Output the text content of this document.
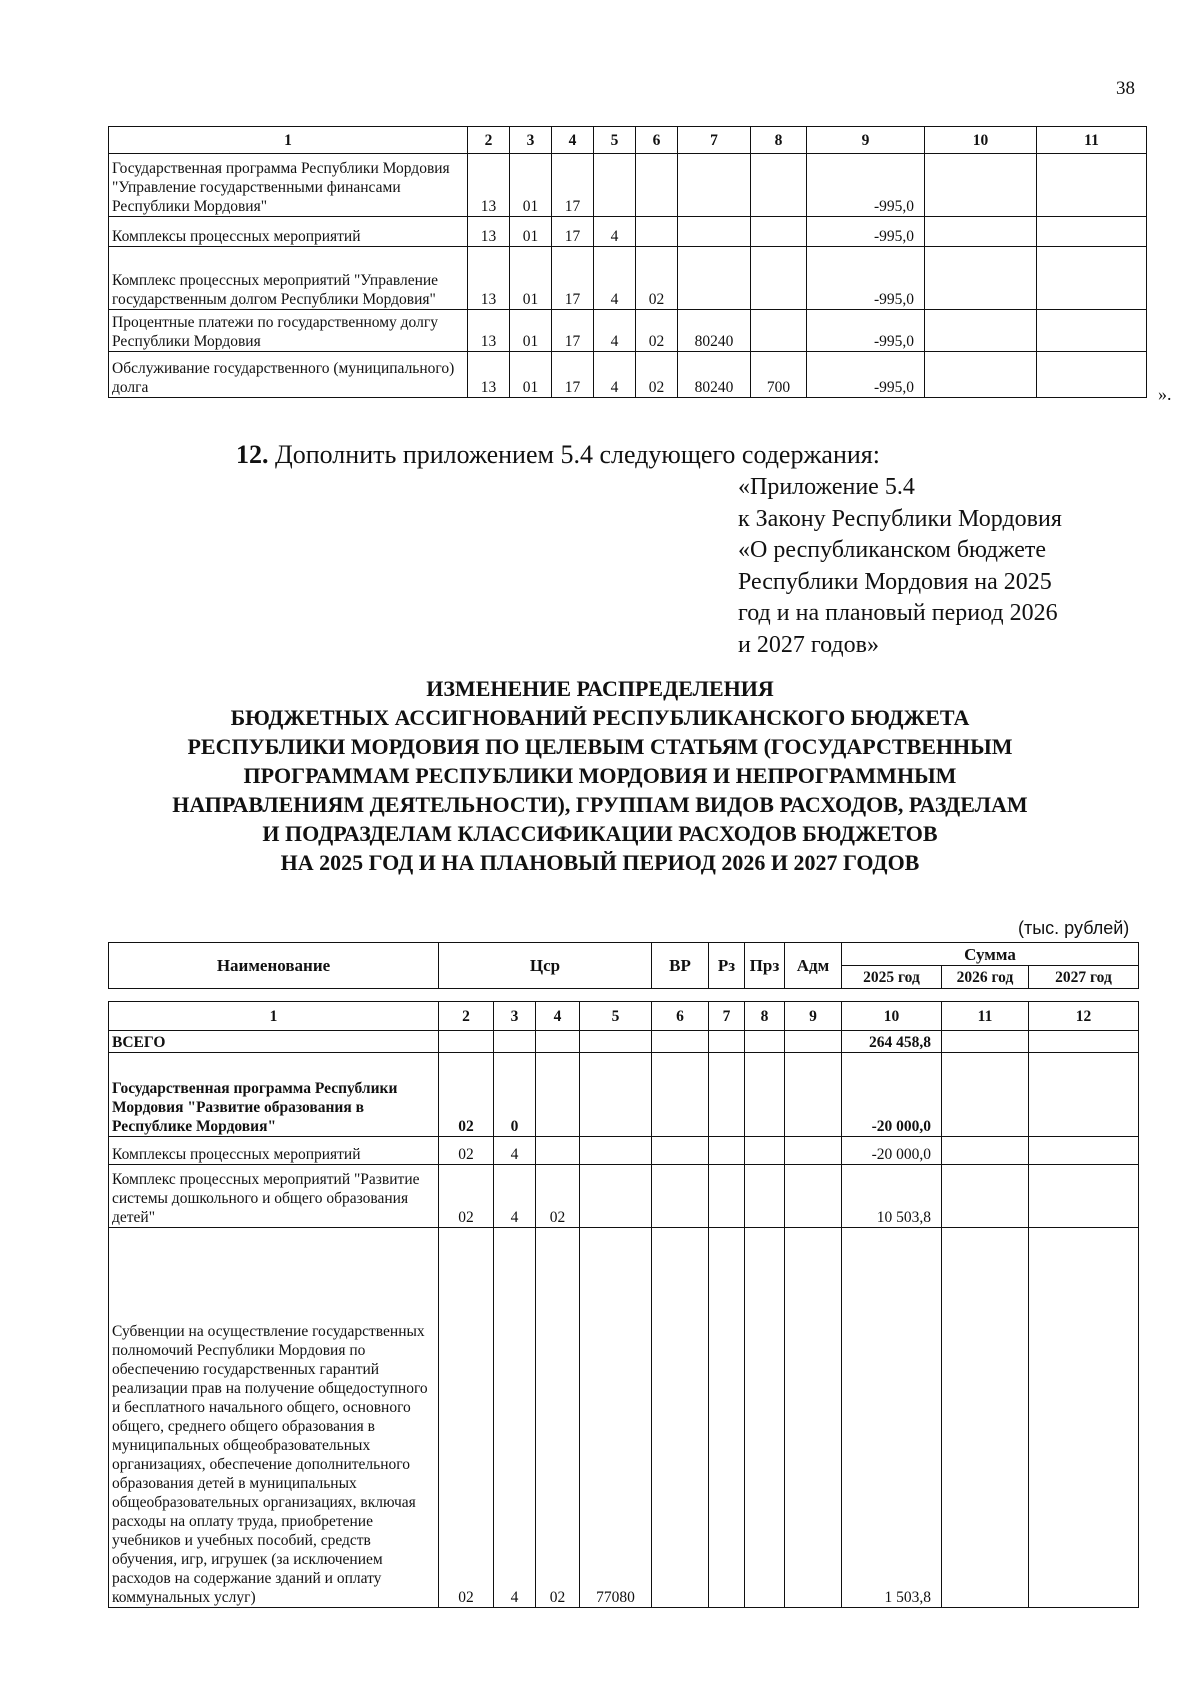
38
1	2	3	4	5	6	7	8	9	10	11
Государственная программа Республики Мордовия "Управление государственными финансами Республики Мордовия"	13	01	17					-995,0		
Комплексы процессных мероприятий	13	01	17	4				-995,0		
Комплекс процессных мероприятий "Управление государственным долгом Республики Мордовия"	13	01	17	4	02			-995,0		
Процентные платежи по государственному долгу Республики Мордовия	13	01	17	4	02	80240		-995,0		
Обслуживание государственного (муниципального) долга	13	01	17	4	02	80240	700	-995,0			».
12. Дополнить приложением 5.4 следующего содержания:
«Приложение 5.4
к Закону Республики Мордовия
«О республиканском бюджете
Республики Мордовия на 2025
год и на плановый период 2026
и 2027 годов»
ИЗМЕНЕНИЕ РАСПРЕДЕЛЕНИЯ
БЮДЖЕТНЫХ АССИГНОВАНИЙ РЕСПУБЛИКАНСКОГО БЮДЖЕТА
РЕСПУБЛИКИ МОРДОВИЯ ПО ЦЕЛЕВЫМ СТАТЬЯМ (ГОСУДАРСТВЕННЫМ
ПРОГРАММАМ РЕСПУБЛИКИ МОРДОВИЯ И НЕПРОГРАММНЫМ
НАПРАВЛЕНИЯМ ДЕЯТЕЛЬНОСТИ), ГРУППАМ ВИДОВ РАСХОДОВ, РАЗДЕЛАМ
И ПОДРАЗДЕЛАМ КЛАССИФИКАЦИИ РАСХОДОВ БЮДЖЕТОВ
НА 2025 ГОД И НА ПЛАНОВЫЙ ПЕРИОД 2026 И 2027 ГОДОВ
(тыс. рублей)
Наименование	Цср	ВР	Рз	Прз	Адм	Сумма		
						2025 год	2026 год	2027 год
1	2	3	4	5	6	7	8	9	10	11	12
ВСЕГО									264 458,8		
Государственная программа Республики Мордовия "Развитие образования в Республике Мордовия"	02	0							-20 000,0		
Комплексы процессных мероприятий	02	4							-20 000,0		
Комплекс процессных мероприятий "Развитие системы дошкольного и общего образования детей"	02	4	02						10 503,8		
Субвенции на осуществление государственных полномочий Республики Мордовия по обеспечению государственных гарантий реализации прав на получение общедоступного и бесплатного начального общего, основного общего, среднего общего образования в муниципальных общеобразовательных организациях, обеспечение дополнительного образования детей в муниципальных общеобразовательных организациях, включая расходы на оплату труда, приобретение учебников и учебных пособий, средств обучения, игр, игрушек (за исключением расходов на содержание зданий и оплату коммунальных услуг)	02	4	02	77080					1 503,8		
